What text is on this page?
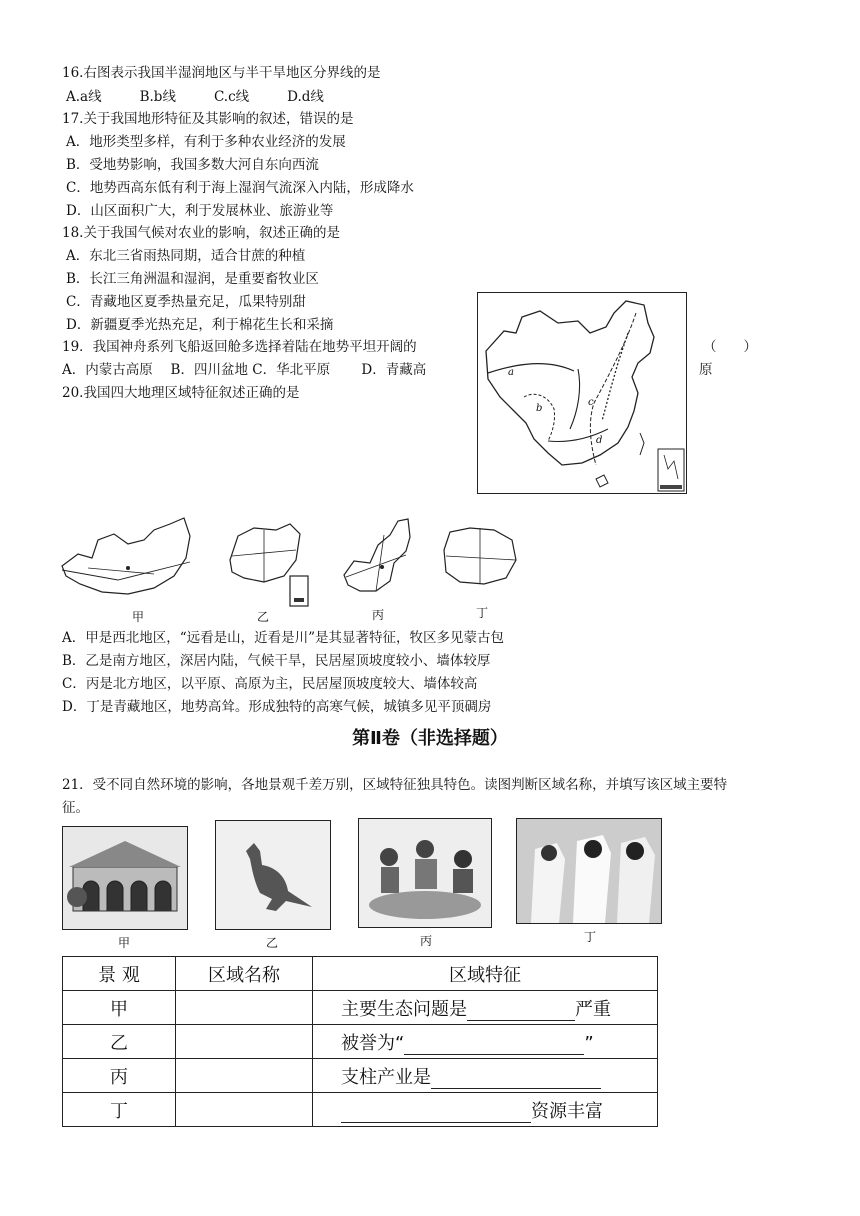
16.右图表示我国半湿润地区与半干旱地区分界线的是
A.a线	B.b线	C.c线	D.d线
17.关于我国地形特征及其影响的叙述，错误的是
A．地形类型多样，有利于多种农业经济的发展
B．受地势影响，我国多数大河自东向西流
C．地势西高东低有利于海上湿润气流深入内陆，形成降水
D．山区面积广大，利于发展林业、旅游业等
18.关于我国气候对农业的影响，叙述正确的是
A．东北三省雨热同期，适合甘蔗的种植
B．长江三角洲温和湿润，是重要畜牧业区
C．青藏地区夏季热量充足，瓜果特别甜
D．新疆夏季光热充足，利于棉花生长和采摘
19．我国神舟系列飞船返回舱多选择着陆在地势平坦开阔的	（　　）
A．内蒙古高原　 B．四川盆地 C．华北平原　　 D．青藏高	原
20.我国四大地理区域特征叙述正确的是
a
b
c
d
甲	乙	丙	丁
A．甲是西北地区，“远看是山，近看是川”是其显著特征，牧区多见蒙古包
B．乙是南方地区，深居内陆，气候干旱，民居屋顶坡度较小、墙体较厚
C．丙是北方地区，以平原、高原为主，民居屋顶坡度较大、墙体较高
D．丁是青藏地区，地势高耸。形成独特的高寒气候，城镇多见平顶碉房
第Ⅱ卷（非选择题）
21．受不同自然环境的影响，各地景观千差万别，区域特征独具特色。读图判断区域名称，并填写该区域主要特
征。
甲	乙	丙	丁
景 观	区域名称	区域特征
甲		主要生态问题是 严重
乙		被誉为“ ”
丙		支柱产业是
丁		资源丰富
